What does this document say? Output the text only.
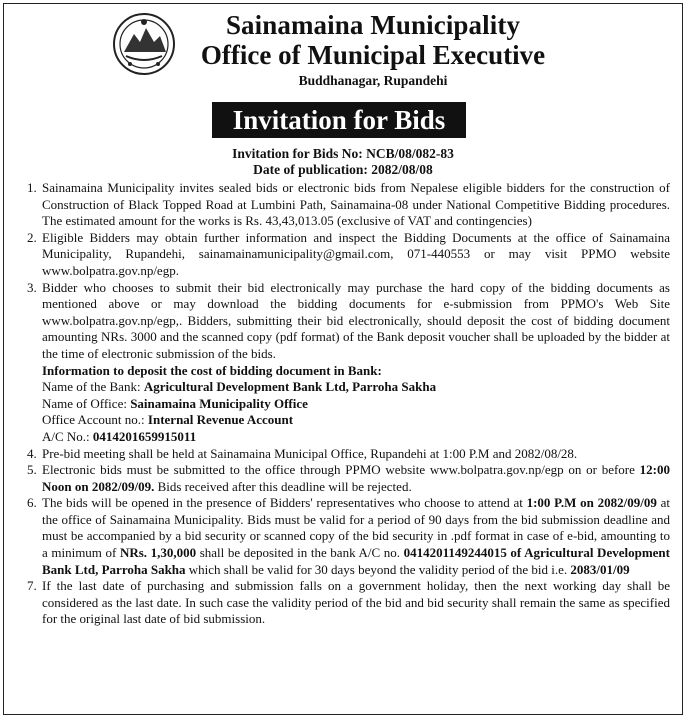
Sainamaina Municipality
Office of Municipal Executive
Buddhanagar, Rupandehi
Invitation for Bids
Invitation for Bids No: NCB/08/082-83
Date of publication: 2082/08/08
1. Sainamaina Municipality invites sealed bids or electronic bids from Nepalese eligible bidders for the construction of Construction of Black Topped Road at Lumbini Path, Sainamaina-08 under National Competitive Bidding procedures. The estimated amount for the works is Rs. 43,43,013.05 (exclusive of VAT and contingencies)
2. Eligible Bidders may obtain further information and inspect the Bidding Documents at the office of Sainamaina Municipality, Rupandehi, sainamainamunicipality@gmail.com, 071-440553 or may visit PPMO website www.bolpatra.gov.np/egp.
3. Bidder who chooses to submit their bid electronically may purchase the hard copy of the bidding documents as mentioned above or may download the bidding documents for e-submission from PPMO's Web Site www.bolpatra.gov.np/egp,. Bidders, submitting their bid electronically, should deposit the cost of bidding document amounting NRs. 3000 and the scanned copy (pdf format) of the Bank deposit voucher shall be uploaded by the bidder at the time of electronic submission of the bids.
Information to deposit the cost of bidding document in Bank:
Name of the Bank: Agricultural Development Bank Ltd, Parroha Sakha
Name of Office: Sainamaina Municipality Office
Office Account no.: Internal Revenue Account
A/C No.: 0414201659915011
4. Pre-bid meeting shall be held at Sainamaina Municipal Office, Rupandehi at 1:00 P.M and 2082/08/28.
5. Electronic bids must be submitted to the office through PPMO website www.bolpatra.gov.np/egp on or before 12:00 Noon on 2082/09/09. Bids received after this deadline will be rejected.
6. The bids will be opened in the presence of Bidders' representatives who choose to attend at 1:00 P.M on 2082/09/09 at the office of Sainamaina Municipality. Bids must be valid for a period of 90 days from the bid submission deadline and must be accompanied by a bid security or scanned copy of the bid security in .pdf format in case of e-bid, amounting to a minimum of NRs. 1,30,000 shall be deposited in the bank A/C no. 0414201149244015 of Agricultural Development Bank Ltd, Parroha Sakha which shall be valid for 30 days beyond the validity period of the bid i.e. 2083/01/09
7. If the last date of purchasing and submission falls on a government holiday, then the next working day shall be considered as the last date. In such case the validity period of the bid and bid security shall remain the same as specified for the original last date of bid submission.
